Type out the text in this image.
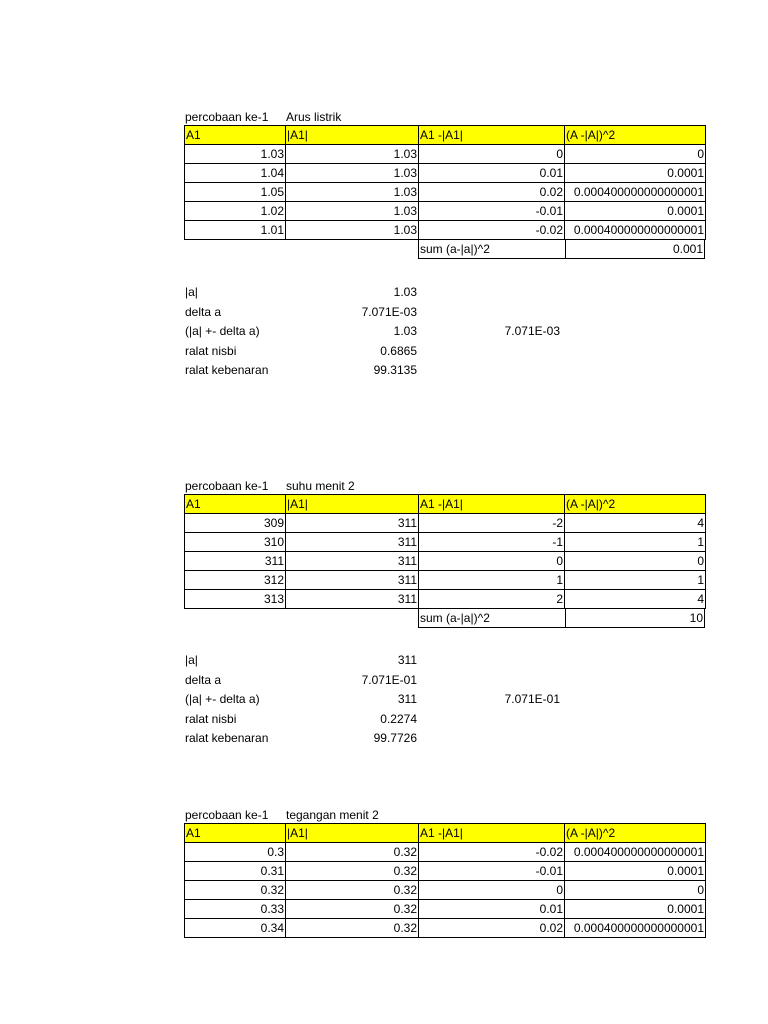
percobaan ke-1 Arus listrik
A1	|A1|	A1 -|A1|	(A -|A|)^2
1.03	1.03	0	0
1.04	1.03	0.01	0.0001
1.05	1.03	0.02	0.000400000000000001
1.02	1.03	-0.01	0.0001
1.01	1.03	-0.02	0.000400000000000001
sum (a-|a|)^2	0.001
|a|	1.03
delta a	7.071E-03
(|a| +- delta a)	1.03	7.071E-03
ralat nisbi	0.6865
ralat kebenaran	99.3135
percobaan ke-1 suhu menit 2
A1	|A1|	A1 -|A1|	(A -|A|)^2
309	311	-2	4
310	311	-1	1
311	311	0	0
312	311	1	1
313	311	2	4
sum (a-|a|)^2	10
|a|	311
delta a	7.071E-01
(|a| +- delta a)	311	7.071E-01
ralat nisbi	0.2274
ralat kebenaran	99.7726
percobaan ke-1 tegangan menit 2
A1	|A1|	A1 -|A1|	(A -|A|)^2
0.3	0.32	-0.02	0.000400000000000001
0.31	0.32	-0.01	0.0001
0.32	0.32	0	0
0.33	0.32	0.01	0.0001
0.34	0.32	0.02	0.000400000000000001
